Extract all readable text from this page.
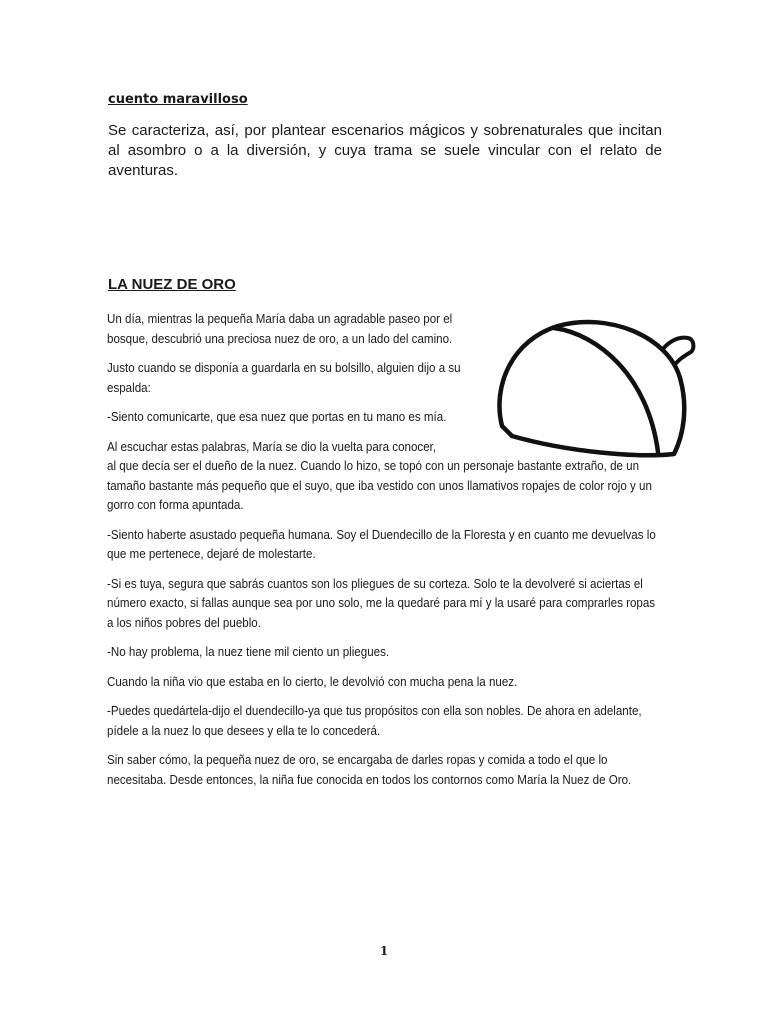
cuento maravilloso

Se caracteriza, así, por plantear escenarios mágicos y sobrenaturales que incitan al asombro o a la diversión, y cuya trama se suele vincular con el relato de aventuras.

LA NUEZ DE ORO

Un día, mientras la pequeña María daba un agradable paseo por el bosque, descubrió una preciosa nuez de oro, a un lado del camino.

Justo cuando se disponía a guardarla en su bolsillo, alguien dijo a su espalda:

-Siento comunicarte, que esa nuez que portas en tu mano es mía.

Al escuchar estas palabras, María se dio la vuelta para conocer,

al que decía ser el dueño de la nuez. Cuando lo hizo, se topó con un personaje bastante extraño, de un tamaño bastante más pequeño que el suyo, que iba vestido con unos llamativos ropajes de color rojo y un gorro con forma apuntada.

-Siento haberte asustado pequeña humana. Soy el Duendecillo de la Floresta y en cuanto me devuelvas lo que me pertenece, dejaré de molestarte.

-Si es tuya, segura que sabrás cuantos son los pliegues de su corteza. Solo te la devolveré si aciertas el número exacto, si fallas aunque sea por uno solo, me la quedaré para mí y la usaré para comprarles ropas a los niños pobres del pueblo.

-No hay problema, la nuez tiene mil ciento un pliegues.

Cuando la niña vio que estaba en lo cierto, le devolvió con mucha pena la nuez.

-Puedes quedártela-dijo el duendecillo-ya que tus propósitos con ella son nobles. De ahora en adelante, pídele a la nuez lo que desees y ella te lo concederá.

Sin saber cómo, la pequeña nuez de oro, se encargaba de darles ropas y comida a todo el que lo necesitaba. Desde entonces, la niña fue conocida en todos los contornos como María la Nuez de Oro.

1
